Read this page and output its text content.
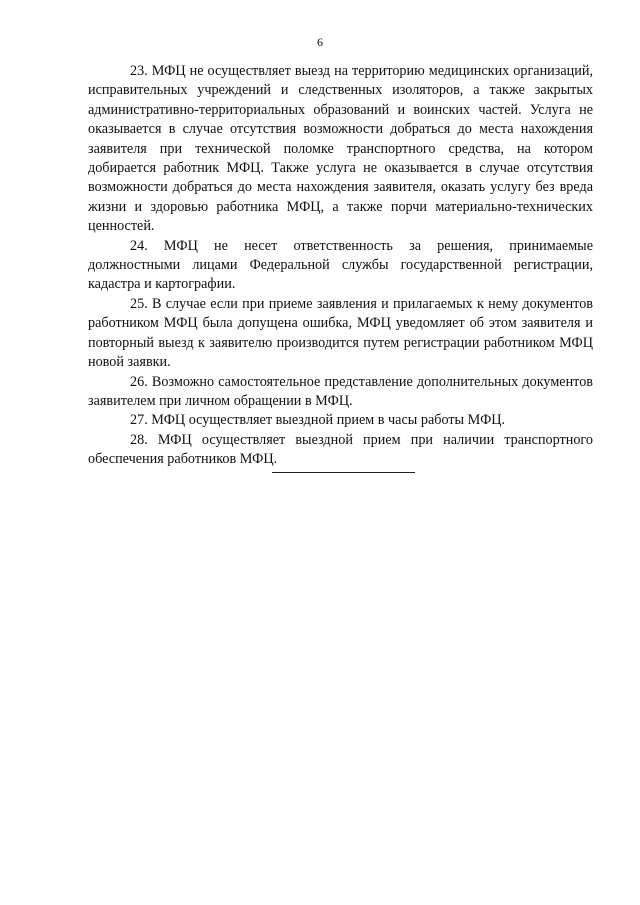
6

23. МФЦ не осуществляет выезд на территорию медицинских организаций, исправительных учреждений и следственных изоляторов, а также закрытых административно-территориальных образований и воинских частей. Услуга не оказывается в случае отсутствия возможности добраться до места нахождения заявителя при технической поломке транспортного средства, на котором добирается работник МФЦ. Также услуга не оказывается в случае отсутствия возможности добраться до места нахождения заявителя, оказать услугу без вреда жизни и здоровью работника МФЦ, а также порчи материально-технических ценностей.

24. МФЦ не несет ответственность за решения, принимаемые должностными лицами Федеральной службы государственной регистрации, кадастра и картографии.

25. В случае если при приеме заявления и прилагаемых к нему документов работником МФЦ была допущена ошибка, МФЦ уведомляет об этом заявителя и повторный выезд к заявителю производится путем регистрации работником МФЦ новой заявки.

26. Возможно самостоятельное представление дополнительных документов заявителем при личном обращении в МФЦ.

27. МФЦ осуществляет выездной прием в часы работы МФЦ.

28. МФЦ осуществляет выездной прием при наличии транспортного обеспечения работников МФЦ.
